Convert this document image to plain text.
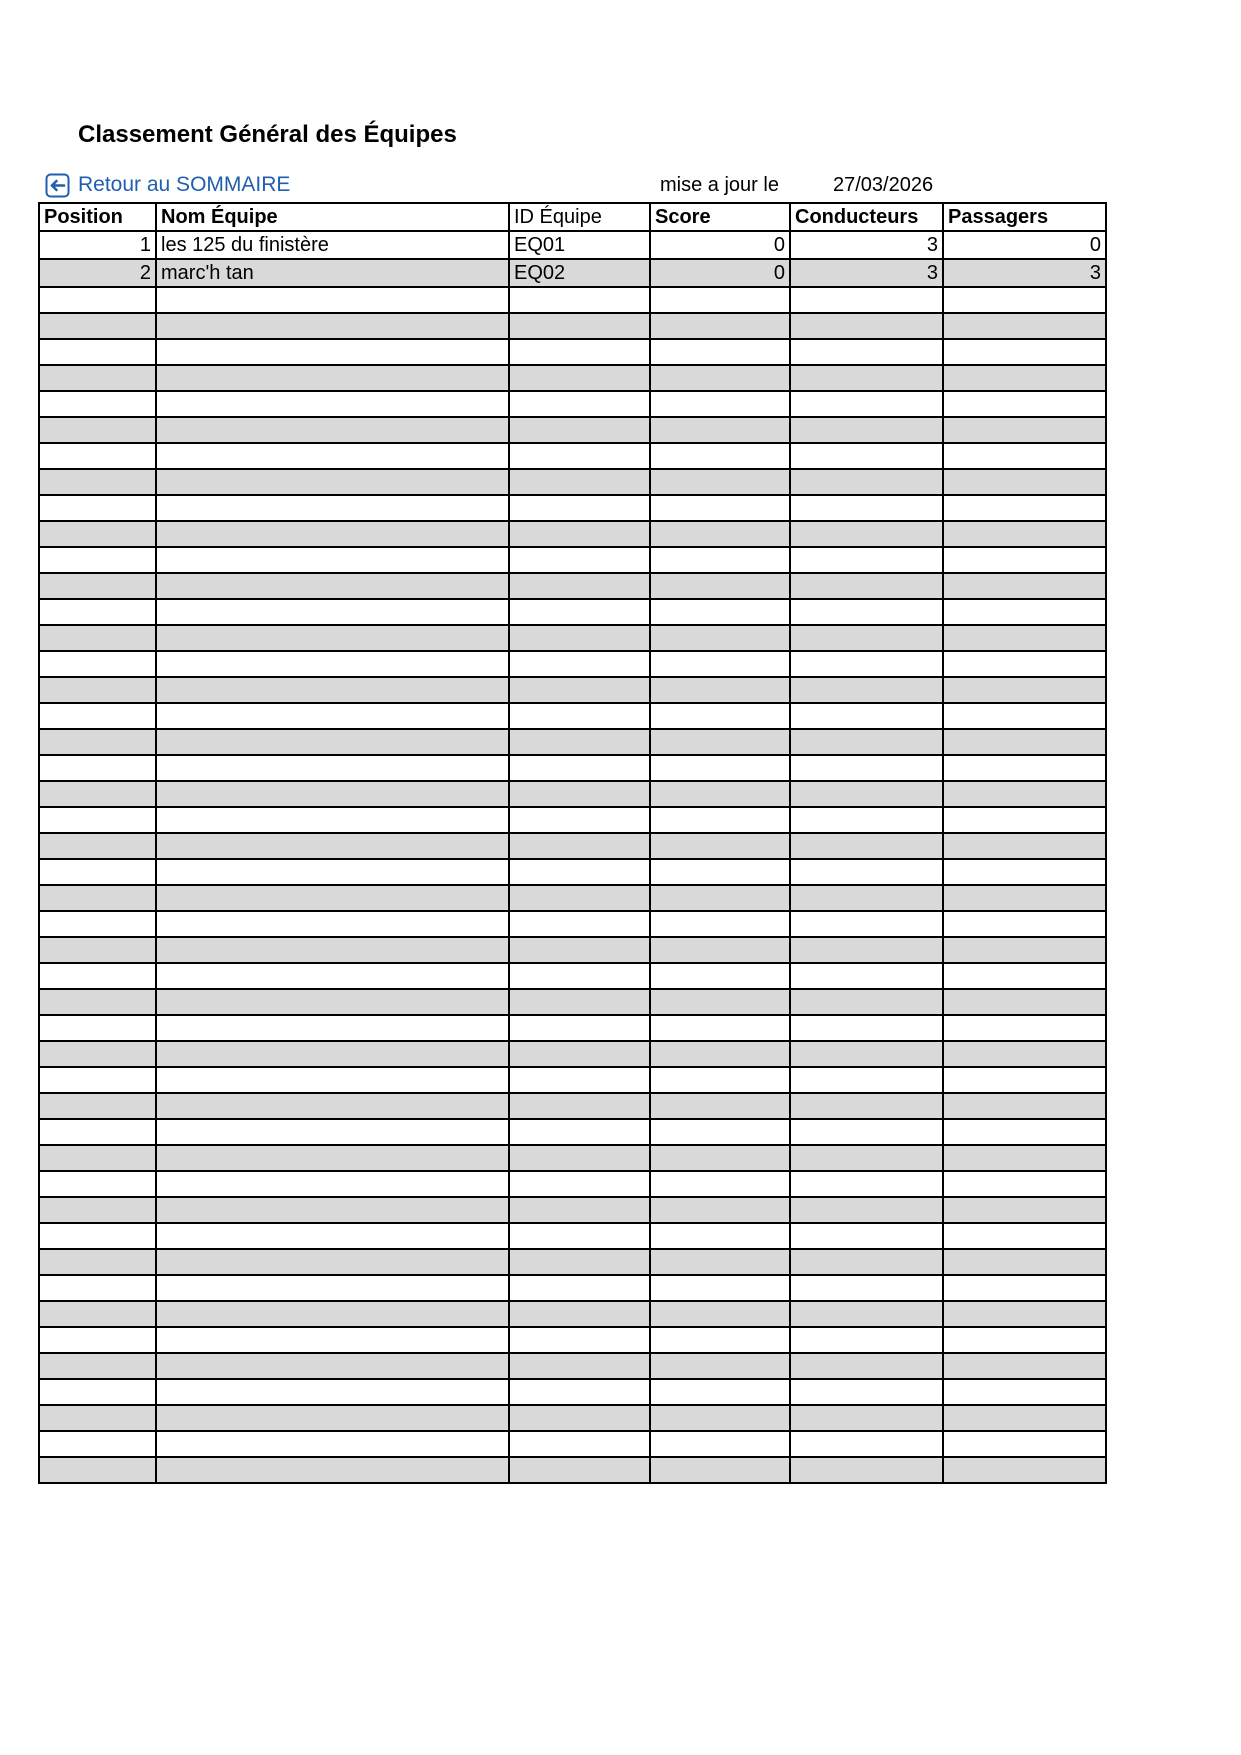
Classement Général des Équipes
Retour au SOMMAIRE	mise a jour le	27/03/2026
Position	Nom Équipe	ID Équipe	Score	Conducteurs	Passagers
1	les 125 du finistère	EQ01	0	3	0
2	marc'h tan	EQ02	0	3	3
